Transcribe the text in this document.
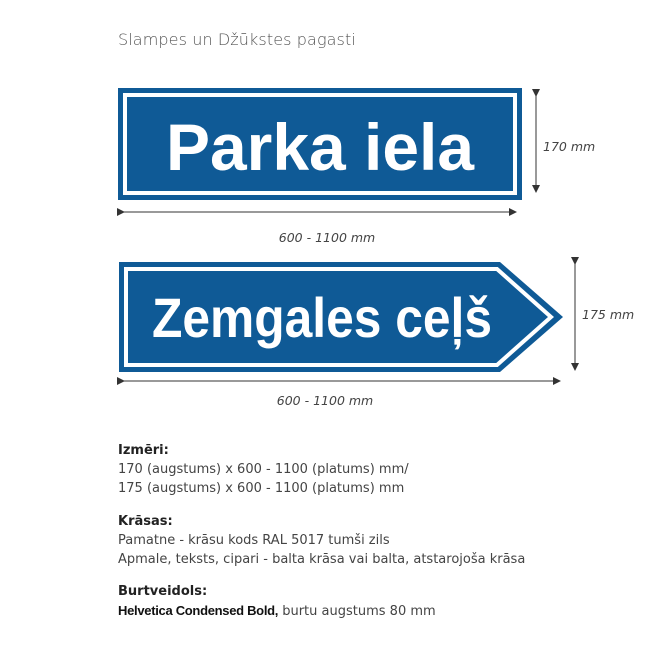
Slampes un Džūkstes pagasti
Parka iela	170 mm
600 - 1100 mm
Zemgales ceļš	175 mm
600 - 1100 mm
Izmēri:

170 (augstums) x 600 - 1100 (platums) mm/

175 (augstums) x 600 - 1100 (platums) mm

Krāsas:

Pamatne - krāsu kods RAL 5017 tumši zils

Apmale, teksts, cipari - balta krāsa vai balta, atstarojoša krāsa

Burtveidols:

Helvetica Condensed Bold, burtu augstums 80 mm
